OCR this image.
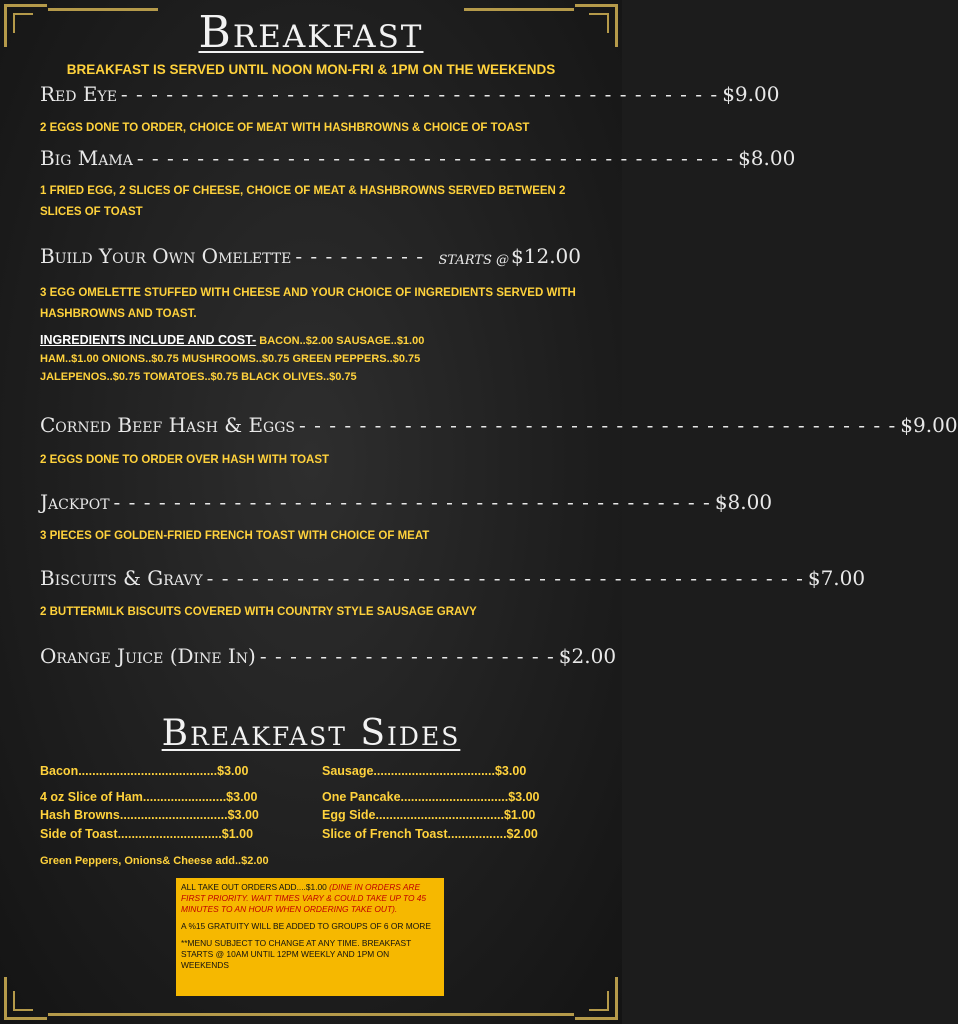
Breakfast
BREAKFAST IS SERVED UNTIL NOON MON-FRI & 1PM ON THE WEEKENDS
Red Eye - - - - - - - - - - - - - - - - - - - - - - - - - - - - - - - - - - - - - - - - $9.00
2 EGGS DONE TO ORDER, CHOICE OF MEAT WITH HASHBROWNS & CHOICE OF TOAST
Big Mama - - - - - - - - - - - - - - - - - - - - - - - - - - - - - - - - - - - - - - - - $8.00
1 FRIED EGG, 2 SLICES OF CHEESE, CHOICE OF MEAT & HASHBROWNS SERVED BETWEEN 2 SLICES OF TOAST
Build Your Own Omelette - - - - - - - - -	STARTS @ $12.00
3 EGG OMELETTE STUFFED WITH CHEESE AND YOUR CHOICE OF INGREDIENTS SERVED WITH HASHBROWNS AND TOAST.
INGREDIENTS INCLUDE AND COST- BACON..$2.00 SAUSAGE..$1.00
HAM..$1.00 ONIONS..$0.75 MUSHROOMS..$0.75 GREEN PEPPERS..$0.75
JALEPENOS..$0.75 TOMATOES..$0.75 BLACK OLIVES..$0.75
Corned Beef Hash & Eggs - - - - - - - - - - - - - - - - - - - - - - - - - - - - - - - - - - - - - - - - $9.00
2 EGGS DONE TO ORDER OVER HASH WITH TOAST
Jackpot - - - - - - - - - - - - - - - - - - - - - - - - - - - - - - - - - - - - - - - - $8.00
3 PIECES OF GOLDEN-FRIED FRENCH TOAST WITH CHOICE OF MEAT
Biscuits & Gravy - - - - - - - - - - - - - - - - - - - - - - - - - - - - - - - - - - - - - - - - $7.00
2 BUTTERMILK BISCUITS COVERED WITH COUNTRY STYLE SAUSAGE GRAVY
Orange Juice (Dine In) - - - - - - - - - - - - - - - - - - - - $2.00
Breakfast Sides
Bacon........................................$3.00	Sausage...................................$3.00
4 oz Slice of Ham........................$3.00	One Pancake...............................$3.00
Hash Browns...............................$3.00	Egg Side.....................................$1.00
Side of Toast..............................$1.00	Slice of French Toast.................$2.00
Green Peppers, Onions& Cheese add..$2.00

ALL TAKE OUT ORDERS ADD....$1.00 (DINE IN ORDERS ARE FIRST PRIORITY. WAIT TIMES VARY & COULD TAKE UP TO 45 MINUTES TO AN HOUR WHEN ORDERING TAKE OUT).

A %15 GRATUITY WILL BE ADDED TO GROUPS OF 6 OR MORE

**MENU SUBJECT TO CHANGE AT ANY TIME. BREAKFAST STARTS @ 10AM UNTIL 12PM WEEKLY AND 1PM ON WEEKENDS
